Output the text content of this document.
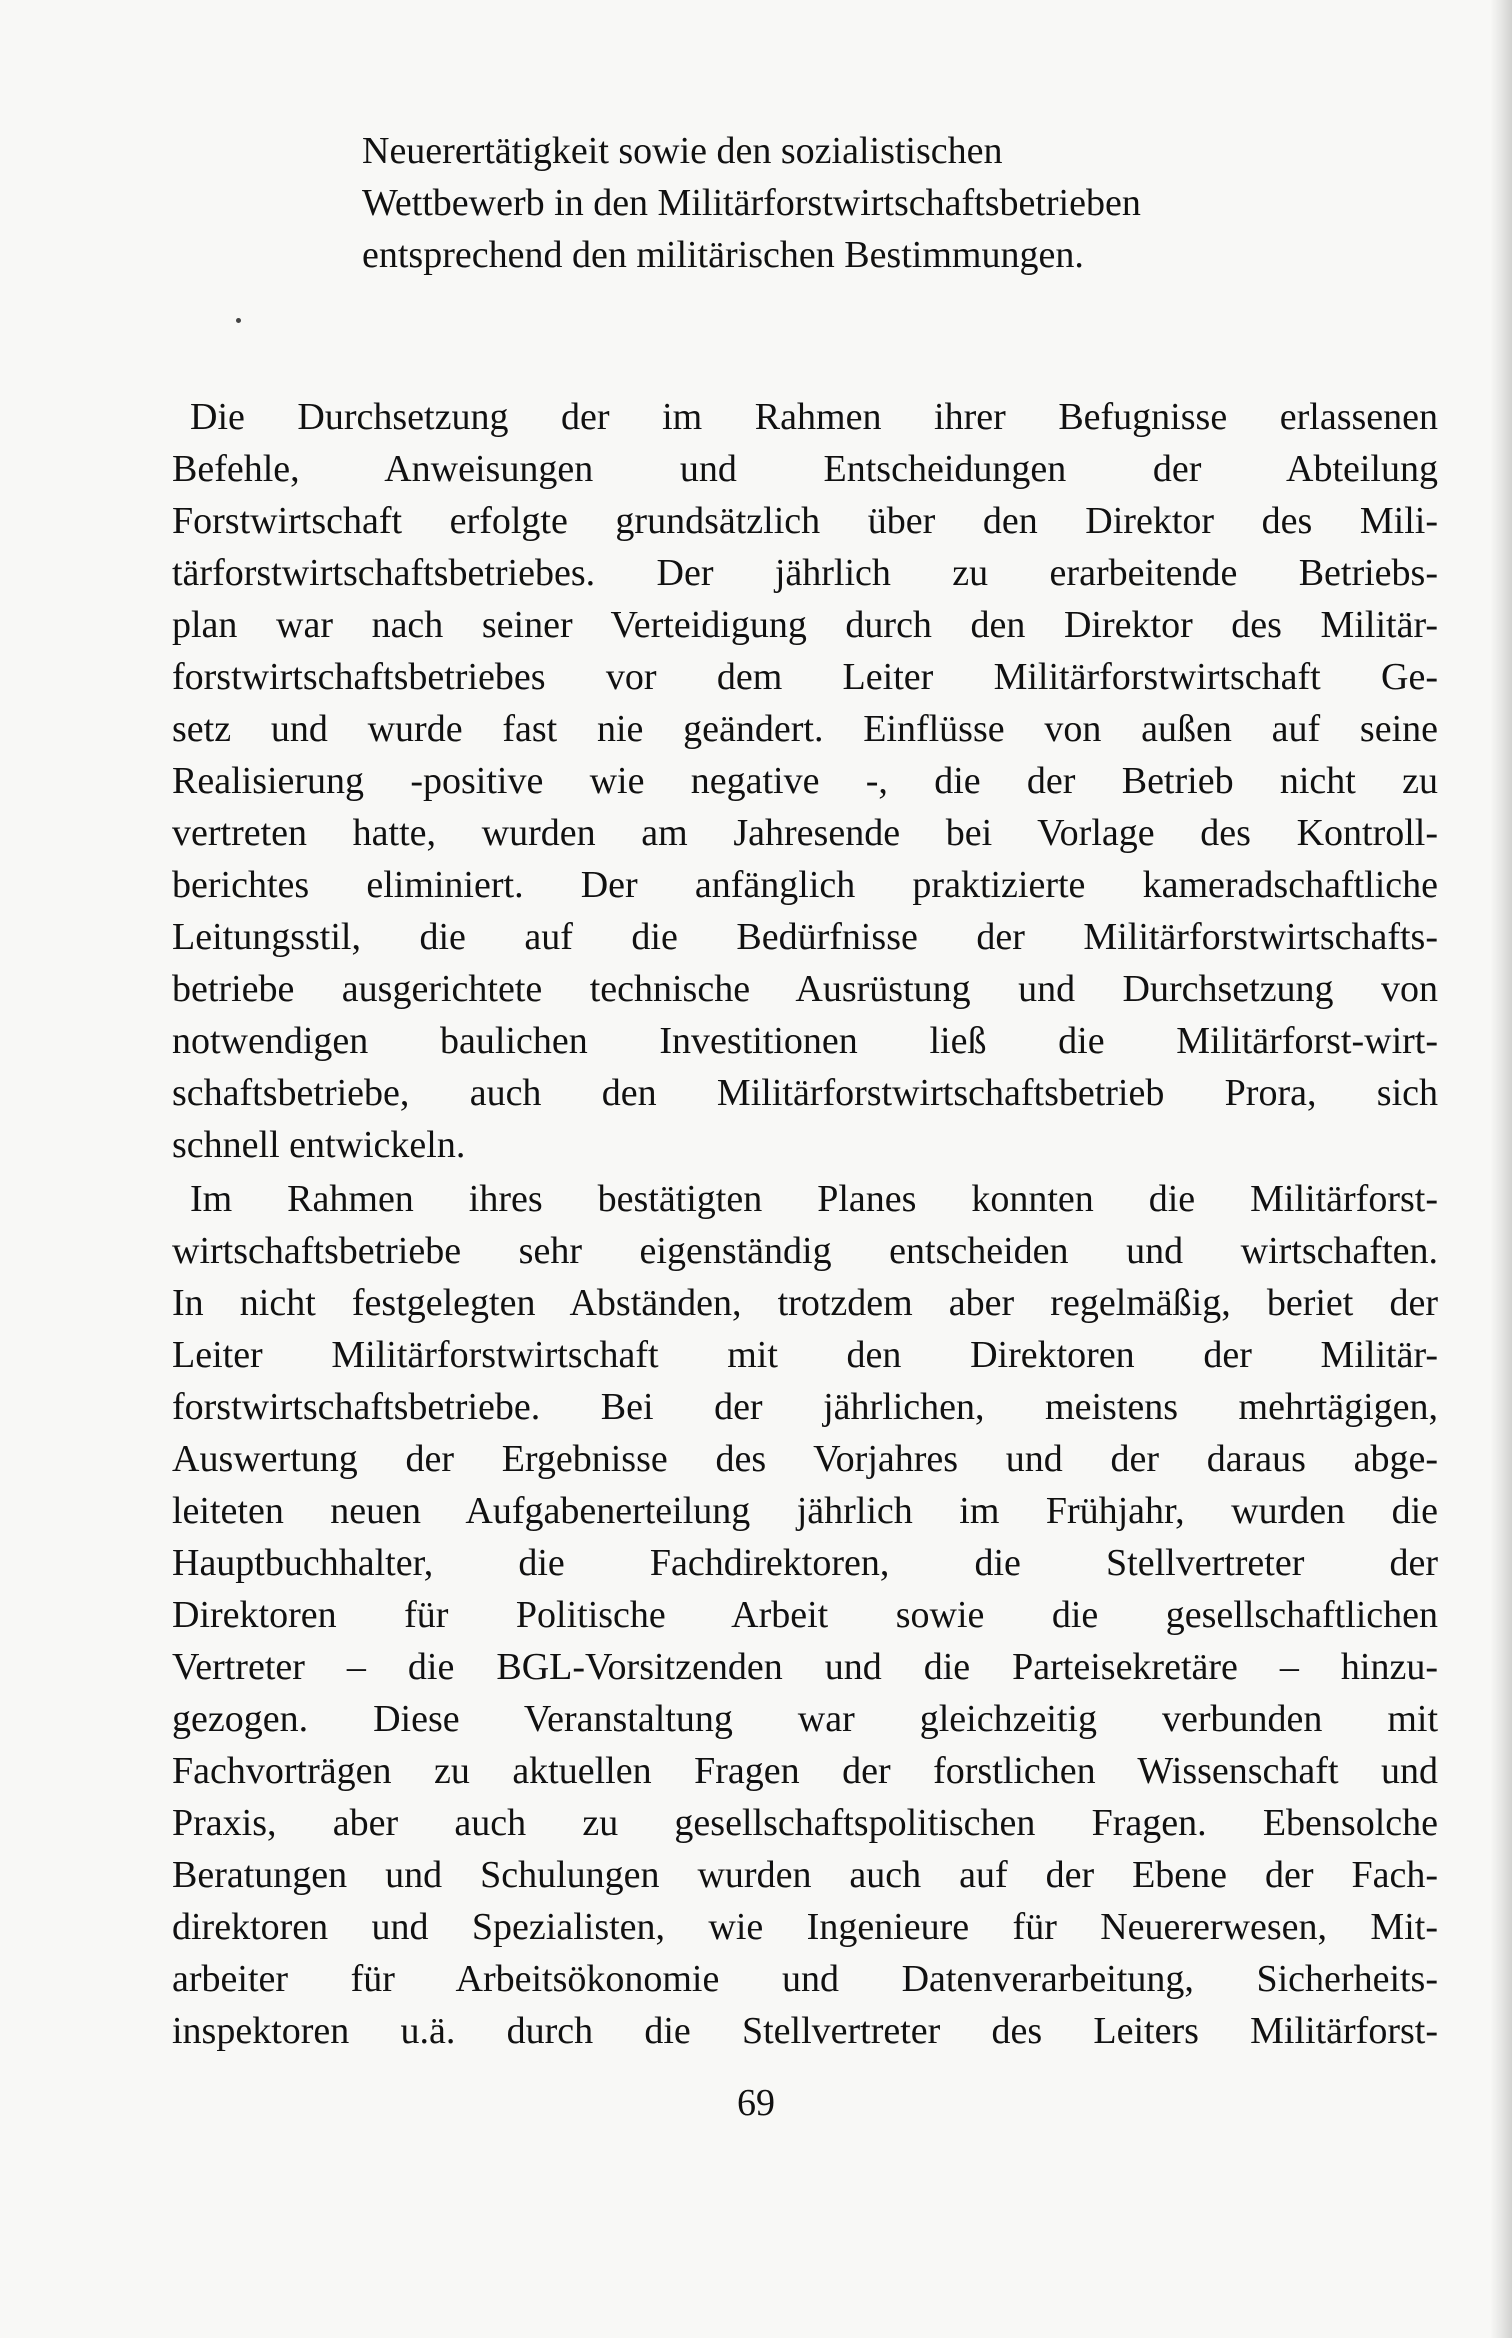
Neuerertätigkeit sowie den sozialistischen
Wettbewerb in den Militärforstwirtschaftsbetrieben
entsprechend den militärischen Bestimmungen.
Die Durchsetzung der im Rahmen ihrer Befugnisse erlassenen
Befehle, Anweisungen und Entscheidungen der Abteilung
Forstwirtschaft erfolgte grundsätzlich über den Direktor des Mili-
tärforstwirtschaftsbetriebes. Der jährlich zu erarbeitende Betriebs-
plan war nach seiner Verteidigung durch den Direktor des Militär-
forstwirtschaftsbetriebes vor dem Leiter Militärforstwirtschaft Ge-
setz und wurde fast nie geändert. Einflüsse von außen auf seine
Realisierung -positive wie negative -, die der Betrieb nicht zu
vertreten hatte, wurden am Jahresende bei Vorlage des Kontroll-
berichtes eliminiert. Der anfänglich praktizierte kameradschaftliche
Leitungsstil, die auf die Bedürfnisse der Militärforstwirtschafts-
betriebe ausgerichtete technische Ausrüstung und Durchsetzung von
notwendigen baulichen Investitionen ließ die Militärforst-wirt-
schaftsbetriebe, auch den Militärforstwirtschaftsbetrieb Prora, sich
schnell entwickeln.
Im Rahmen ihres bestätigten Planes konnten die Militärforst-
wirtschaftsbetriebe sehr eigenständig entscheiden und wirtschaften.
In nicht festgelegten Abständen, trotzdem aber regelmäßig, beriet der
Leiter Militärforstwirtschaft mit den Direktoren der Militär-
forstwirtschaftsbetriebe. Bei der jährlichen, meistens mehrtägigen,
Auswertung der Ergebnisse des Vorjahres und der daraus abge-
leiteten neuen Aufgabenerteilung jährlich im Frühjahr, wurden die
Hauptbuchhalter, die Fachdirektoren, die Stellvertreter der
Direktoren für Politische Arbeit sowie die gesellschaftlichen
Vertreter – die BGL-Vorsitzenden und die Parteisekretäre – hinzu-
gezogen. Diese Veranstaltung war gleichzeitig verbunden mit
Fachvorträgen zu aktuellen Fragen der forstlichen Wissenschaft und
Praxis, aber auch zu gesellschaftspolitischen Fragen. Ebensolche
Beratungen und Schulungen wurden auch auf der Ebene der Fach-
direktoren und Spezialisten, wie Ingenieure für Neuererwesen, Mit-
arbeiter für Arbeitsökonomie und Datenverarbeitung, Sicherheits-
inspektoren u.ä. durch die Stellvertreter des Leiters Militärforst-
69
